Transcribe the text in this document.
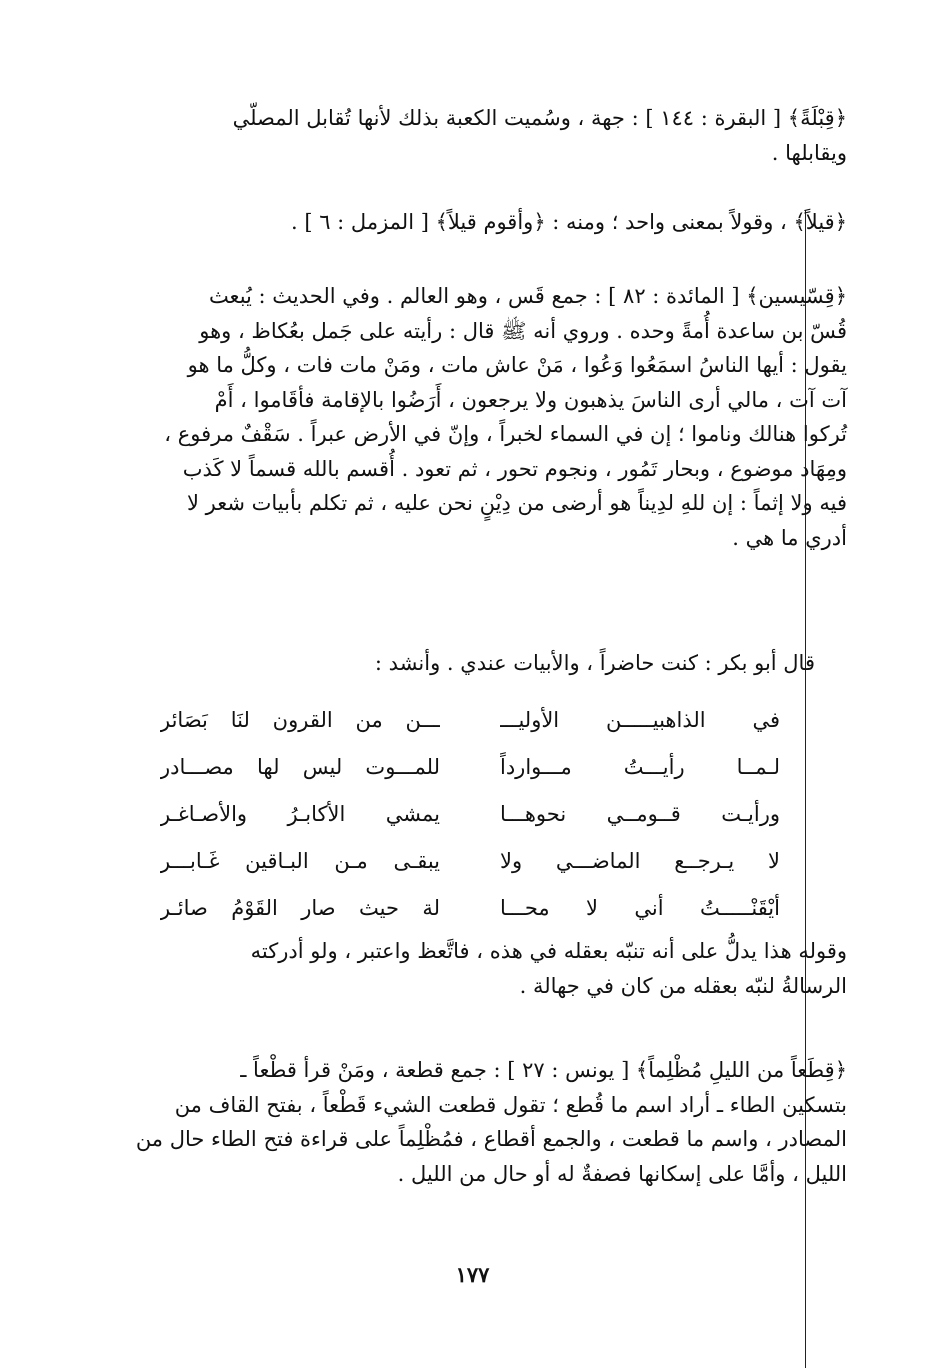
﴿قِبْلَةً﴾ [ البقرة : ١٤٤ ] : جهة ، وسُميت الكعبة بذلك لأنها تُقابل المصلّي
ويقابلها .
﴿قيلاً﴾ ، وقولاً بمعنى واحد ؛ ومنه : ﴿وأقوم قيلاً﴾ [ المزمل : ٦ ] .
﴿قِسّيسين﴾ [ المائدة : ٨٢ ] : جمع قَس ، وهو العالم . وفي الحديث : يُبعث
قُسّ بن ساعدة أُمةً وحده . وروي أنه ﷺ قال : رأيته على جَمل بعُكاظ ، وهو
يقول : أيها الناسُ اسمَعُوا وَعُوا ، مَنْ عاش مات ، ومَنْ مات فات ، وكلُّ ما هو
آت آت ، مالي أرى الناسَ يذهبون ولا يرجعون ، أَرَضُوا بالإقامة فأقَاموا ، أَمْ
تُركوا هنالك وناموا ؛ إن في السماء لخبراً ، وإنّ في الأرض عبراً . سَقْفٌ مرفوع ،
ومِهَاد موضوع ، وبحار تَمُور ، ونجوم تحور ، ثم تعود . أُقسم بالله قسماً لا كَذب
فيه ولا إثماً : إن للهِ لدِيناً هو أرضى من دِيْنٍ نحن عليه ، ثم تكلم بأبيات شعر لا
أدري ما هي .
قال أبو بكر : كنت حاضراً ، والأبيات عندي . وأنشد :
في الذاهبيـــــن الأوليـــ
ـــن من القرون لنَا بَصَائر
لـمــا رأيـــتُ مـــوارداً
للمـــوت ليس لها مصـــادر
ورأيـت قــومــي نحوهـــا
يمشي الأكابـرُ والأصـاغـر
لا يـرجــع الماضـــي ولا
يبقـى مـن البـاقين غَـابـــر
أيْقَنْـــــتُ أني لا محـــا
لة حيث صار القَوْمُ صائـر
وقوله هذا يدلُّ على أنه تنبّه بعقله في هذه ، فاتَّعظ واعتبر ، ولو أدركته
الرسالةُ لنبّه بعقله من كان في جهالة .
﴿قِطَعاً من الليلِ مُظْلِماً﴾ [ يونس : ٢٧ ] : جمع قطعة ، ومَنْ قرأ قطْعاً ـ
بتسكين الطاء ـ أراد اسم ما قُطع ؛ تقول قطعت الشيء قَطْعاً ، بفتح القاف من
المصادر ، واسم ما قطعت ، والجمع أقطاع ، فمُظْلِماً على قراءة فتح الطاء حال من
الليل ، وأمَّا على إسكانها فصفةٌ له أو حال من الليل .
١٧٧
